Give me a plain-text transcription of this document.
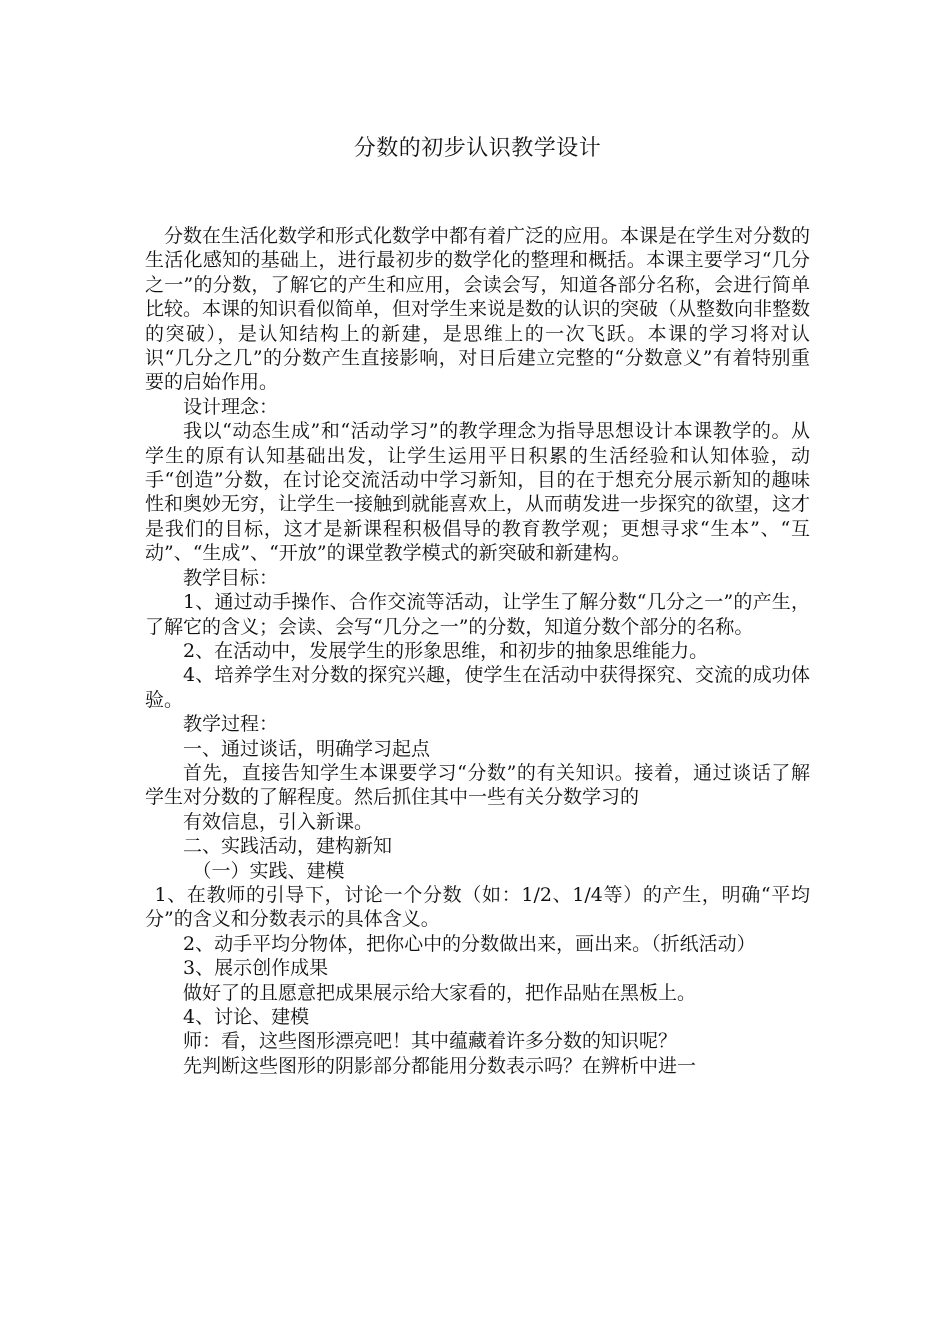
分数的初步认识教学设计

分数在生活化数学和形式化数学中都有着广泛的应用。本课是在学生对分数的生活化感知的基础上，进行最初步的数学化的整理和概括。本课主要学习“几分之一”的分数，了解它的产生和应用，会读会写，知道各部分名称，会进行简单比较。本课的知识看似简单，但对学生来说是数的认识的突破（从整数向非整数的突破），是认知结构上的新建，是思维上的一次飞跃。本课的学习将对认识“几分之几”的分数产生直接影响，对日后建立完整的“分数意义”有着特别重要的启始作用。

设计理念：

我以“动态生成”和“活动学习”的教学理念为指导思想设计本课教学的。从学生的原有认知基础出发，让学生运用平日积累的生活经验和认知体验，动手“创造”分数，在讨论交流活动中学习新知，目的在于想充分展示新知的趣味性和奥妙无穷，让学生一接触到就能喜欢上，从而萌发进一步探究的欲望，这才是我们的目标，这才是新课程积极倡导的教育教学观；更想寻求“生本”、“互动”、“生成”、“开放”的课堂教学模式的新突破和新建构。

教学目标：

1、通过动手操作、合作交流等活动，让学生了解分数“几分之一”的产生，了解它的含义；会读、会写“几分之一”的分数，知道分数个部分的名称。

2、在活动中，发展学生的形象思维，和初步的抽象思维能力。

4、培养学生对分数的探究兴趣，使学生在活动中获得探究、交流的成功体验。

教学过程：

一、通过谈话，明确学习起点

首先，直接告知学生本课要学习“分数”的有关知识。接着，通过谈话了解学生对分数的了解程度。然后抓住其中一些有关分数学习的

有效信息，引入新课。

二、实践活动，建构新知

（一）实践、建模

1、在教师的引导下，讨论一个分数（如：1/2、1/4等）的产生，明确“平均分”的含义和分数表示的具体含义。

2、动手平均分物体，把你心中的分数做出来，画出来。（折纸活动）

3、展示创作成果

做好了的且愿意把成果展示给大家看的，把作品贴在黑板上。

4、讨论、建模

师：看，这些图形漂亮吧！其中蕴藏着许多分数的知识呢？

先判断这些图形的阴影部分都能用分数表示吗？在辨析中进一
